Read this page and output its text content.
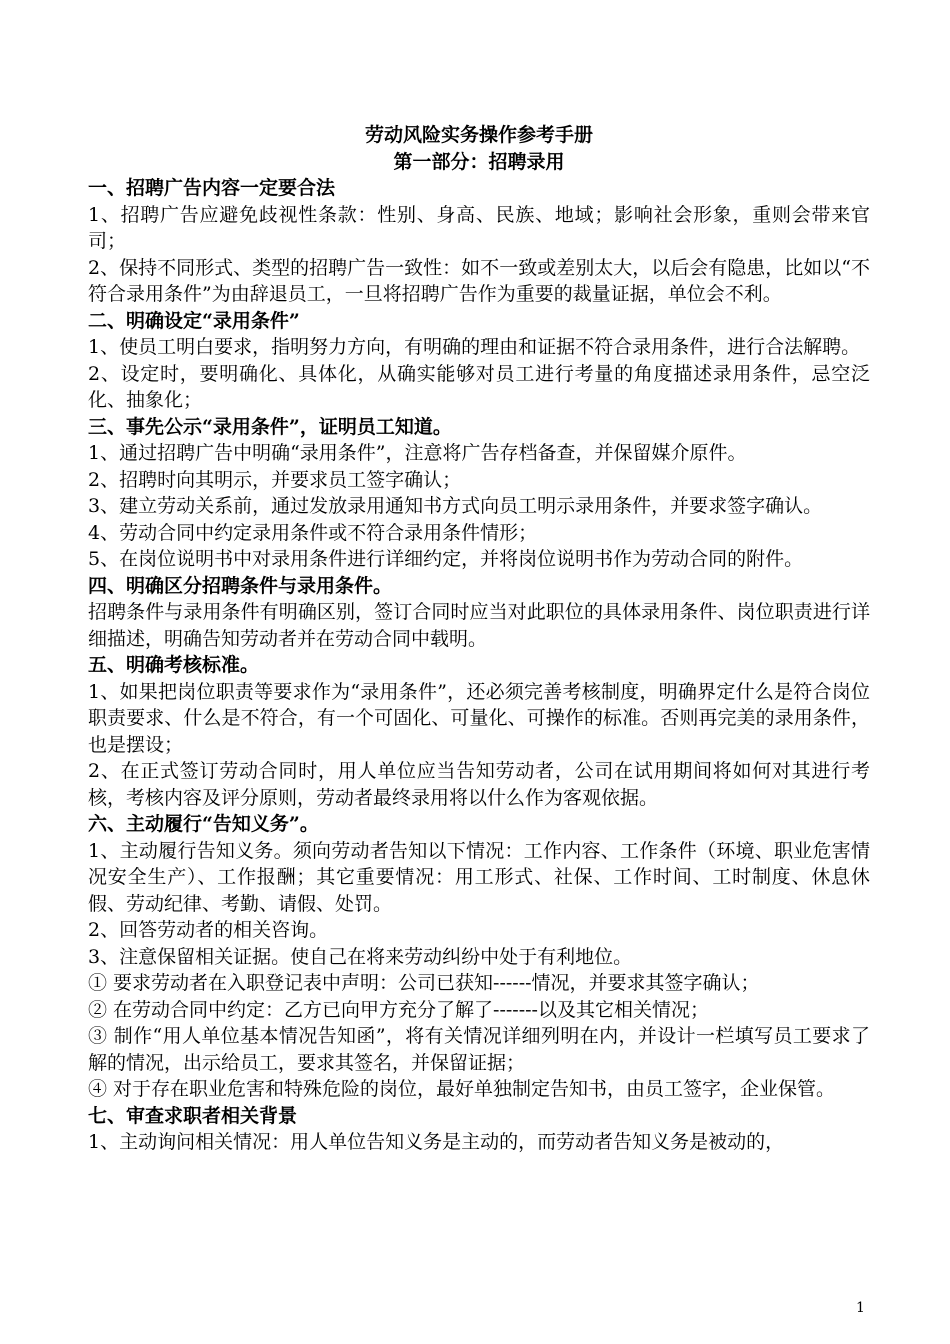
劳动风险实务操作参考手册
第一部分：招聘录用
一、招聘广告内容一定要合法

1、招聘广告应避免歧视性条款：性别、身高、民族、地域；影响社会形象，重则会带来官司；

2、保持不同形式、类型的招聘广告一致性：如不一致或差别太大，以后会有隐患，比如以“不符合录用条件”为由辞退员工，一旦将招聘广告作为重要的裁量证据，单位会不利。

二、明确设定“录用条件”

1、使员工明白要求，指明努力方向，有明确的理由和证据不符合录用条件，进行合法解聘。

2、设定时，要明确化、具体化，从确实能够对员工进行考量的角度描述录用条件，忌空泛化、抽象化；

三、事先公示“录用条件”，证明员工知道。

1、通过招聘广告中明确“录用条件”，注意将广告存档备查，并保留媒介原件。

2、招聘时向其明示，并要求员工签字确认；

3、建立劳动关系前，通过发放录用通知书方式向员工明示录用条件，并要求签字确认。

4、劳动合同中约定录用条件或不符合录用条件情形；

5、在岗位说明书中对录用条件进行详细约定，并将岗位说明书作为劳动合同的附件。

四、明确区分招聘条件与录用条件。

招聘条件与录用条件有明确区别，签订合同时应当对此职位的具体录用条件、岗位职责进行详细描述，明确告知劳动者并在劳动合同中载明。

五、明确考核标准。

1、如果把岗位职责等要求作为“录用条件”，还必须完善考核制度，明确界定什么是符合岗位职责要求、什么是不符合，有一个可固化、可量化、可操作的标准。否则再完美的录用条件，也是摆设；

2、在正式签订劳动合同时，用人单位应当告知劳动者，公司在试用期间将如何对其进行考核，考核内容及评分原则，劳动者最终录用将以什么作为客观依据。

六、主动履行“告知义务”。

1、主动履行告知义务。须向劳动者告知以下情况：工作内容、工作条件（环境、职业危害情况安全生产）、工作报酬；其它重要情况：用工形式、社保、工作时间、工时制度、休息休假、劳动纪律、考勤、请假、处罚。

2、回答劳动者的相关咨询。

3、注意保留相关证据。使自己在将来劳动纠纷中处于有利地位。

① 要求劳动者在入职登记表中声明：公司已获知------情况，并要求其签字确认；

② 在劳动合同中约定：乙方已向甲方充分了解了-------以及其它相关情况；

③ 制作“用人单位基本情况告知函”，将有关情况详细列明在内，并设计一栏填写员工要求了解的情况，出示给员工，要求其签名，并保留证据；

④ 对于存在职业危害和特殊危险的岗位，最好单独制定告知书，由员工签字，企业保管。

七、审查求职者相关背景

1、主动询问相关情况：用人单位告知义务是主动的，而劳动者告知义务是被动的，

1
